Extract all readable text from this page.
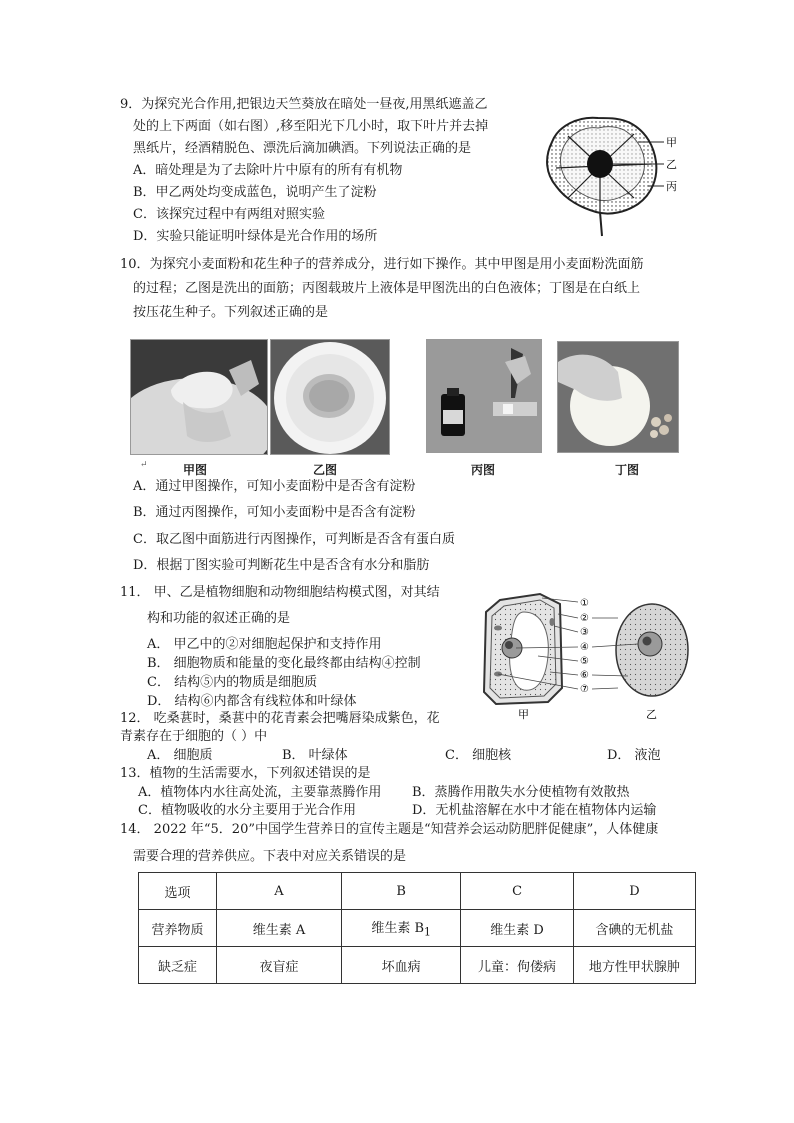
9．为探究光合作用,把银边天竺葵放在暗处一昼夜,用黑纸遮盖乙
处的上下两面（如右图）,移至阳光下几小时，取下叶片并去掉
黑纸片，经酒精脱色、漂洗后滴加碘酒。下列说法正确的是
A．暗处理是为了去除叶片中原有的所有有机物
B．甲乙两处均变成蓝色，说明产生了淀粉
C．该探究过程中有两组对照实验
D．实验只能证明叶绿体是光合作用的场所
甲
乙
丙
10．为探究小麦面粉和花生种子的营养成分，进行如下操作。其中甲图是用小麦面粉洗面筋
的过程；乙图是洗出的面筋；丙图载玻片上液体是甲图洗出的白色液体；丁图是在白纸上
按压花生种子。下列叙述正确的是
↵	甲图	乙图	丙图	丁图
A．通过甲图操作，可知小麦面粉中是否含有淀粉
B．通过丙图操作，可知小麦面粉中是否含有淀粉
C．取乙图中面筋进行丙图操作，可判断是否含有蛋白质
D．根据丁图实验可判断花生中是否含有水分和脂肪
11． 甲、乙是植物细胞和动物细胞结构模式图，对其结
构和功能的叙述正确的是
A． 甲乙中的②对细胞起保护和支持作用
B． 细胞物质和能量的变化最终都由结构④控制
C． 结构⑤内的物质是细胞质
D． 结构⑥内都含有线粒体和叶绿体
①
②
③
④
⑤
⑥
⑦
甲	乙
12． 吃桑葚时，桑葚中的花青素会把嘴唇染成紫色，花
青素存在于细胞的（ ）中
A． 细胞质	B． 叶绿体	C． 细胞核	D． 液泡
13．植物的生活需要水，下列叙述错误的是
A．植物体内水往高处流，主要靠蒸腾作用 B．蒸腾作用散失水分使植物有效散热
C．植物吸收的水分主要用于光合作用	D．无机盐溶解在水中才能在植物体内运输
14． 2022 年“5．20”中国学生营养日的宣传主题是“知营养会运动防肥胖促健康”，人体健康
需要合理的营养供应。下表中对应关系错误的是
选项	A	B	C	D
营养物质	维生素 A	维生素 $B_1$	维生素 D	含碘的无机盐
缺乏症	夜盲症	坏血病	儿童：佝偻病	地方性甲状腺肿
